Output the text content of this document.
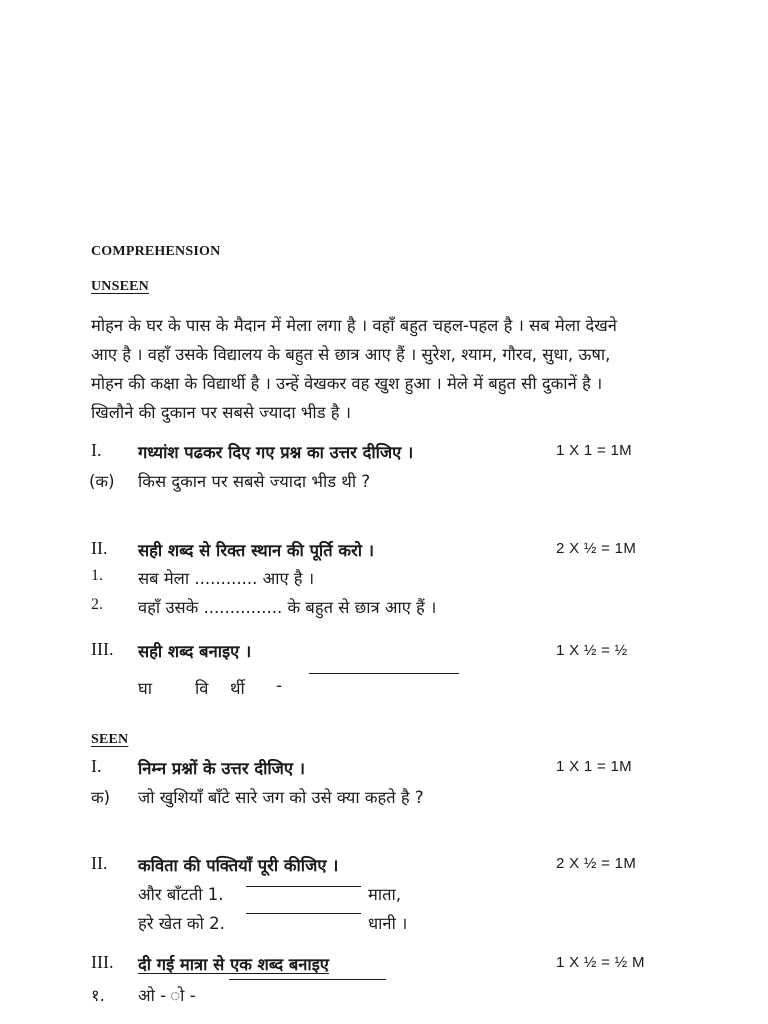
COMPREHENSION
UNSEEN
मोहन के घर के पास के मैदान में मेला लगा है । वहाँ बहुत चहल-पहल है । सब मेला देखने
आए है । वहाँ उसके विद्यालय के बहुत से छात्र आए हैं । सुरेश, श्याम, गौरव, सुधा, ऊषा,
मोहन की कक्षा के विद्यार्थी है । उन्हें वेखकर वह खुश हुआ । मेले में बहुत सी दुकानें है ।
खिलौने की दुकान पर सबसे ज्यादा भीड है ।
I. गध्यांश पढकर दिए गए प्रश्न का उत्तर दीजिए ।	1 X 1 = 1M
(क) किस दुकान पर सबसे ज्यादा भीड थी ?
II. सही शब्द से रिक्त स्थान की पूर्ति करो ।	2 X ½ = 1M
1. सब मेला ............ आए है ।
2. वहाँ उसके ............... के बहुत से छात्र आए हैं ।
III. सही शब्द बनाइए ।	1 X ½ = ½
घा	वि र्थी -
SEEN
I. निम्न प्रश्नों के उत्तर दीजिए ।	1 X 1 = 1M
क) जो खुशियाँ बाँटे सारे जग को उसे क्या कहते है ?
II. कविता की पक्तियाँ पूरी कीजिए ।	2 X ½ = 1M
और बाँटती 1.	माता,
हरे खेत को 2.	धानी ।
III. दी गई मात्रा से एक शब्द बनाइए	1 X ½ = ½ M
१. ओ - ो -
